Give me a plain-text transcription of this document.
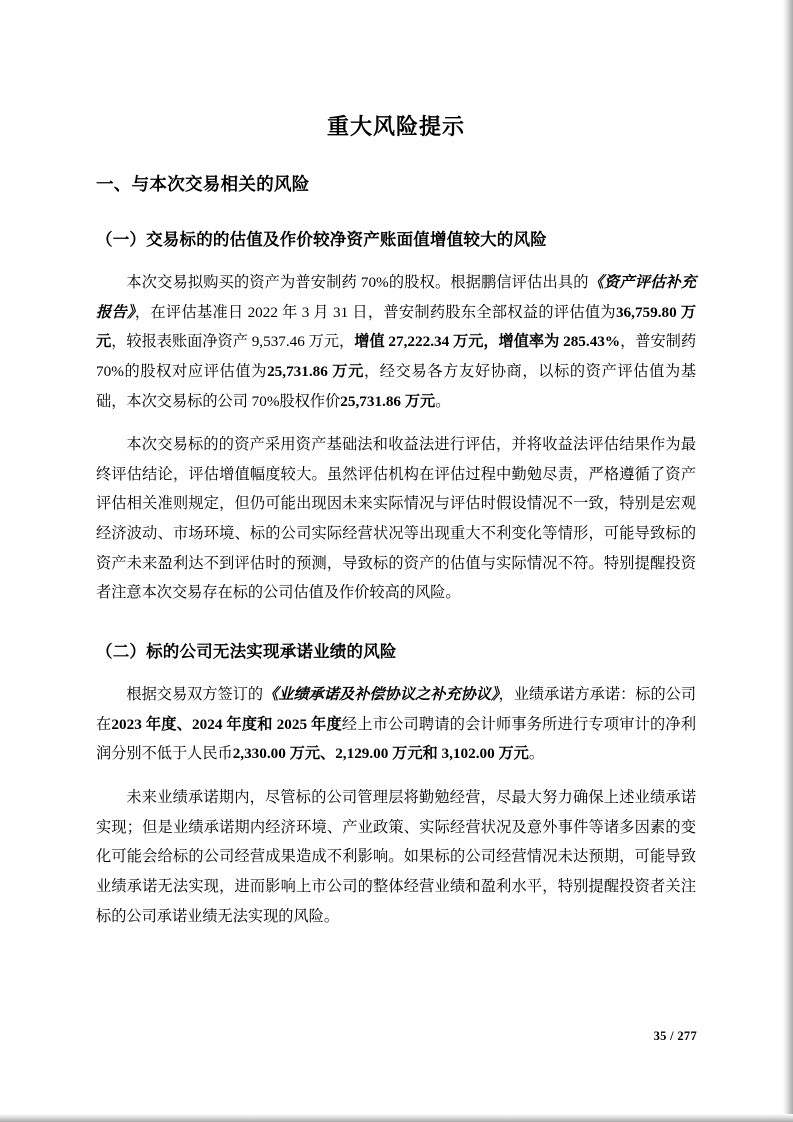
重大风险提示
一、与本次交易相关的风险
（一）交易标的的估值及作价较净资产账面值增值较大的风险

本次交易拟购买的资产为普安制药 70%的股权。根据鹏信评估出具的《资产评估补充报告》，在评估基准日 2022 年 3 月 31 日，普安制药股东全部权益的评估值为36,759.80 万元，较报表账面净资产 9,537.46 万元，增值 27,222.34 万元，增值率为 285.43%，普安制药 70%的股权对应评估值为25,731.86 万元，经交易各方友好协商，以标的资产评估值为基础，本次交易标的公司 70%股权作价25,731.86 万元。

本次交易标的的资产采用资产基础法和收益法进行评估，并将收益法评估结果作为最终评估结论，评估增值幅度较大。虽然评估机构在评估过程中勤勉尽责，严格遵循了资产评估相关准则规定，但仍可能出现因未来实际情况与评估时假设情况不一致，特别是宏观经济波动、市场环境、标的公司实际经营状况等出现重大不利变化等情形，可能导致标的资产未来盈利达不到评估时的预测，导致标的资产的估值与实际情况不符。特别提醒投资者注意本次交易存在标的公司估值及作价较高的风险。

（二）标的公司无法实现承诺业绩的风险

根据交易双方签订的《业绩承诺及补偿协议之补充协议》，业绩承诺方承诺：标的公司在2023 年度、2024 年度和 2025 年度经上市公司聘请的会计师事务所进行专项审计的净利润分别不低于人民币2,330.00 万元、2,129.00 万元和 3,102.00 万元。

未来业绩承诺期内，尽管标的公司管理层将勤勉经营，尽最大努力确保上述业绩承诺实现；但是业绩承诺期内经济环境、产业政策、实际经营状况及意外事件等诸多因素的变化可能会给标的公司经营成果造成不利影响。如果标的公司经营情况未达预期，可能导致业绩承诺无法实现，进而影响上市公司的整体经营业绩和盈利水平，特别提醒投资者关注标的公司承诺业绩无法实现的风险。

35 / 277
